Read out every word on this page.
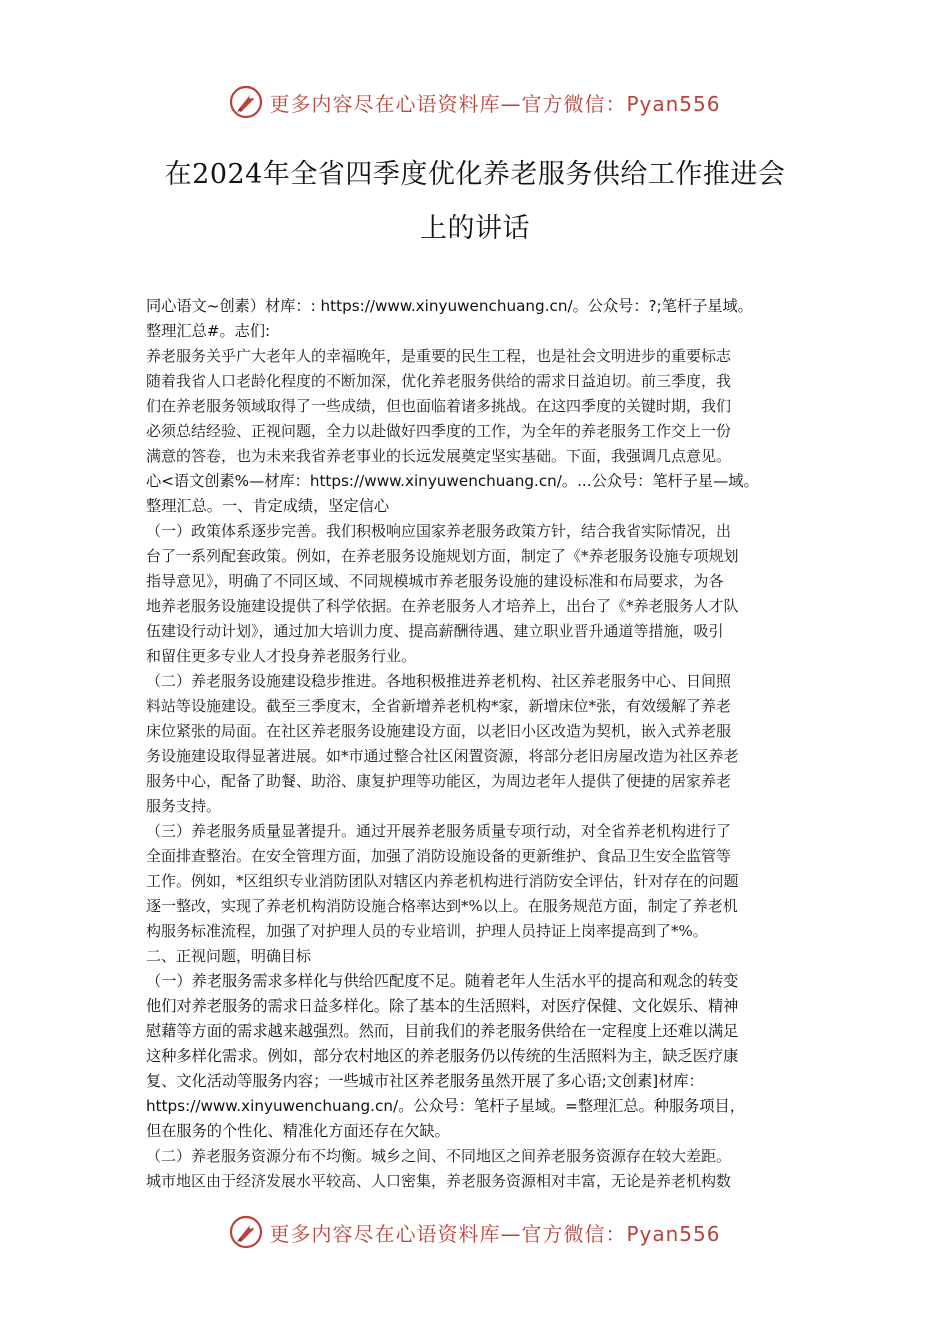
更多内容尽在心语资料库—官方微信：Pyan556
在2024年全省四季度优化养老服务供给工作推进会
上的讲话
同心语文~创素）材库：: https://www.xinyuwenchuang.cn/。公众号：?;笔杆子星域。
整理汇总#。志们:
养老服务关乎广大老年人的幸福晚年，是重要的民生工程，也是社会文明进步的重要标志
随着我省人口老龄化程度的不断加深，优化养老服务供给的需求日益迫切。前三季度，我
们在养老服务领域取得了一些成绩，但也面临着诸多挑战。在这四季度的关键时期，我们
必须总结经验、正视问题，全力以赴做好四季度的工作，为全年的养老服务工作交上一份
满意的答卷，也为未来我省养老事业的长远发展奠定坚实基础。下面，我强调几点意见。
心<语文创素%—材库：https://www.xinyuwenchuang.cn/。...公众号：笔杆子星—域。
整理汇总。一、肯定成绩，坚定信心
（一）政策体系逐步完善。我们积极响应国家养老服务政策方针，结合我省实际情况，出
台了一系列配套政策。例如，在养老服务设施规划方面，制定了《*养老服务设施专项规划
指导意见》，明确了不同区域、不同规模城市养老服务设施的建设标准和布局要求，为各
地养老服务设施建设提供了科学依据。在养老服务人才培养上，出台了《*养老服务人才队
伍建设行动计划》，通过加大培训力度、提高薪酬待遇、建立职业晋升通道等措施，吸引
和留住更多专业人才投身养老服务行业。
（二）养老服务设施建设稳步推进。各地积极推进养老机构、社区养老服务中心、日间照
料站等设施建设。截至三季度末，全省新增养老机构*家，新增床位*张，有效缓解了养老
床位紧张的局面。在社区养老服务设施建设方面，以老旧小区改造为契机，嵌入式养老服
务设施建设取得显著进展。如*市通过整合社区闲置资源，将部分老旧房屋改造为社区养老
服务中心，配备了助餐、助浴、康复护理等功能区，为周边老年人提供了便捷的居家养老
服务支持。
（三）养老服务质量显著提升。通过开展养老服务质量专项行动，对全省养老机构进行了
全面排查整治。在安全管理方面，加强了消防设施设备的更新维护、食品卫生安全监管等
工作。例如，*区组织专业消防团队对辖区内养老机构进行消防安全评估，针对存在的问题
逐一整改，实现了养老机构消防设施合格率达到*%以上。在服务规范方面，制定了养老机
构服务标准流程，加强了对护理人员的专业培训，护理人员持证上岗率提高到了*%。
二、正视问题，明确目标
（一）养老服务需求多样化与供给匹配度不足。随着老年人生活水平的提高和观念的转变
他们对养老服务的需求日益多样化。除了基本的生活照料，对医疗保健、文化娱乐、精神
慰藉等方面的需求越来越强烈。然而，目前我们的养老服务供给在一定程度上还难以满足
这种多样化需求。例如，部分农村地区的养老服务仍以传统的生活照料为主，缺乏医疗康
复、文化活动等服务内容；一些城市社区养老服务虽然开展了多心语;文创素]材库：
https://www.xinyuwenchuang.cn/。公众号：笔杆子星域。=整理汇总。种服务项目，
但在服务的个性化、精准化方面还存在欠缺。
（二）养老服务资源分布不均衡。城乡之间、不同地区之间养老服务资源存在较大差距。
城市地区由于经济发展水平较高、人口密集，养老服务资源相对丰富，无论是养老机构数
更多内容尽在心语资料库—官方微信：Pyan556
